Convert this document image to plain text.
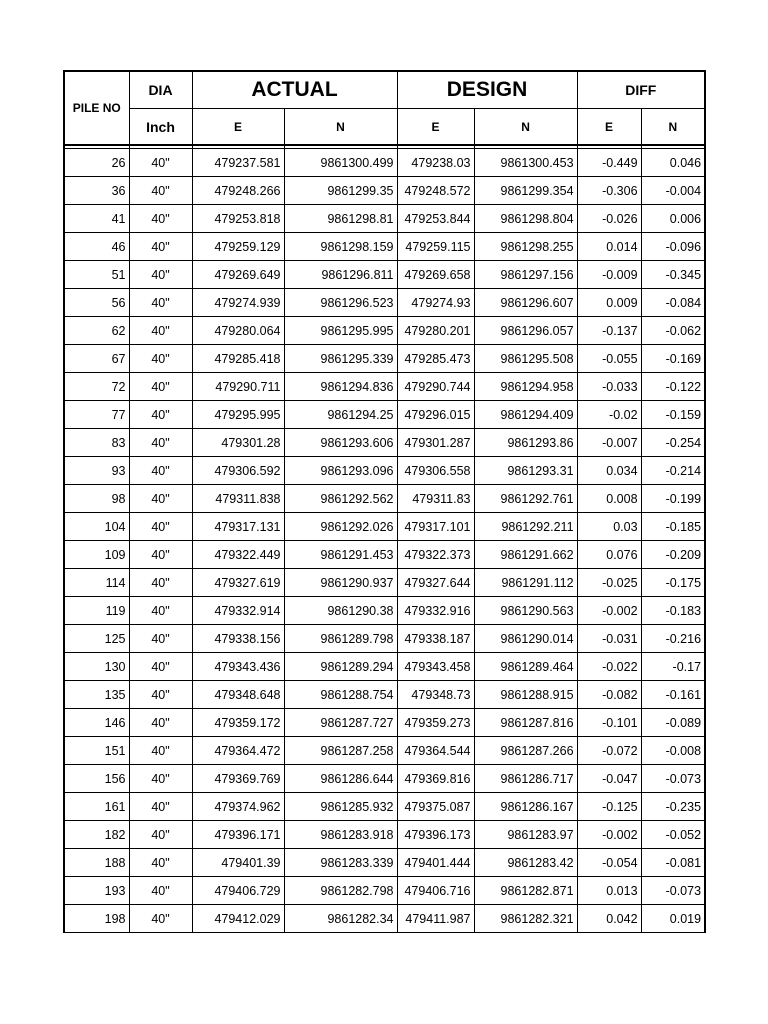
PILE NO	DIA	ACTUAL		DESIGN		DIFF	
	Inch	E	N	E	N	E	N

26	40"	479237.581	9861300.499	479238.03	9861300.453	-0.449	0.046
36	40"	479248.266	9861299.35	479248.572	9861299.354	-0.306	-0.004
41	40"	479253.818	9861298.81	479253.844	9861298.804	-0.026	0.006
46	40"	479259.129	9861298.159	479259.115	9861298.255	0.014	-0.096
51	40"	479269.649	9861296.811	479269.658	9861297.156	-0.009	-0.345
56	40"	479274.939	9861296.523	479274.93	9861296.607	0.009	-0.084
62	40"	479280.064	9861295.995	479280.201	9861296.057	-0.137	-0.062
67	40"	479285.418	9861295.339	479285.473	9861295.508	-0.055	-0.169
72	40"	479290.711	9861294.836	479290.744	9861294.958	-0.033	-0.122
77	40"	479295.995	9861294.25	479296.015	9861294.409	-0.02	-0.159
83	40"	479301.28	9861293.606	479301.287	9861293.86	-0.007	-0.254
93	40"	479306.592	9861293.096	479306.558	9861293.31	0.034	-0.214
98	40"	479311.838	9861292.562	479311.83	9861292.761	0.008	-0.199
104	40"	479317.131	9861292.026	479317.101	9861292.211	0.03	-0.185
109	40"	479322.449	9861291.453	479322.373	9861291.662	0.076	-0.209
114	40"	479327.619	9861290.937	479327.644	9861291.112	-0.025	-0.175
119	40"	479332.914	9861290.38	479332.916	9861290.563	-0.002	-0.183
125	40"	479338.156	9861289.798	479338.187	9861290.014	-0.031	-0.216
130	40"	479343.436	9861289.294	479343.458	9861289.464	-0.022	-0.17
135	40"	479348.648	9861288.754	479348.73	9861288.915	-0.082	-0.161
146	40"	479359.172	9861287.727	479359.273	9861287.816	-0.101	-0.089
151	40"	479364.472	9861287.258	479364.544	9861287.266	-0.072	-0.008
156	40"	479369.769	9861286.644	479369.816	9861286.717	-0.047	-0.073
161	40"	479374.962	9861285.932	479375.087	9861286.167	-0.125	-0.235
182	40"	479396.171	9861283.918	479396.173	9861283.97	-0.002	-0.052
188	40"	479401.39	9861283.339	479401.444	9861283.42	-0.054	-0.081
193	40"	479406.729	9861282.798	479406.716	9861282.871	0.013	-0.073
198	40"	479412.029	9861282.34	479411.987	9861282.321	0.042	0.019
